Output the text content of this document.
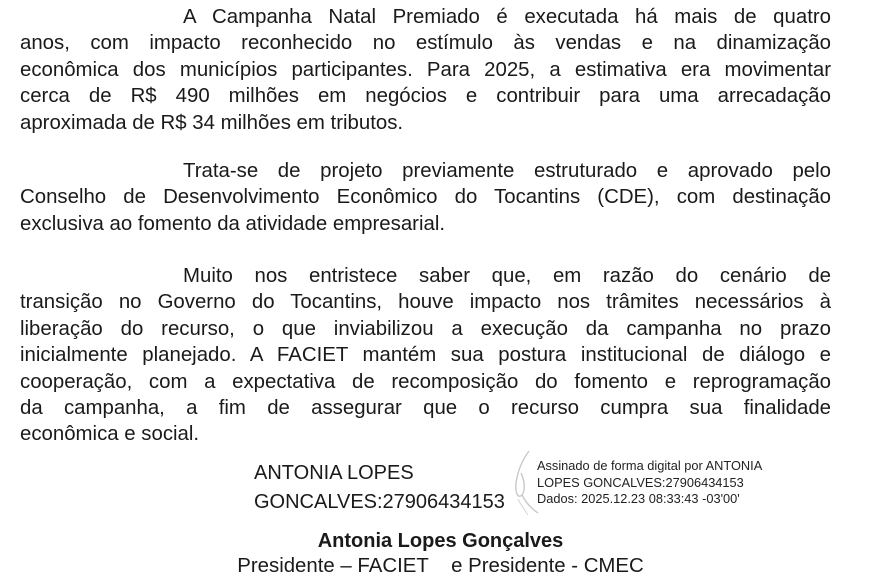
A Campanha Natal Premiado é executada há mais de quatro
anos, com impacto reconhecido no estímulo às vendas e na dinamização
econômica dos municípios participantes. Para 2025, a estimativa era movimentar
cerca de R$ 490 milhões em negócios e contribuir para uma arrecadação
aproximada de R$ 34 milhões em tributos.
Trata-se de projeto previamente estruturado e aprovado pelo
Conselho de Desenvolvimento Econômico do Tocantins (CDE), com destinação
exclusiva ao fomento da atividade empresarial.
Muito nos entristece saber que, em razão do cenário de
transição no Governo do Tocantins, houve impacto nos trâmites necessários à
liberação do recurso, o que inviabilizou a execução da campanha no prazo
inicialmente planejado. A FACIET mantém sua postura institucional de diálogo e
cooperação, com a expectativa de recomposição do fomento e reprogramação
da campanha, a fim de assegurar que o recurso cumpra sua finalidade
econômica e social.
ANTONIA LOPES
GONCALVES:27906434153
Assinado de forma digital por ANTONIA
LOPES GONCALVES:27906434153
Dados: 2025.12.23 08:33:43 -03'00'
Antonia Lopes Gonçalves
Presidente – FACIET    e Presidente - CMEC
